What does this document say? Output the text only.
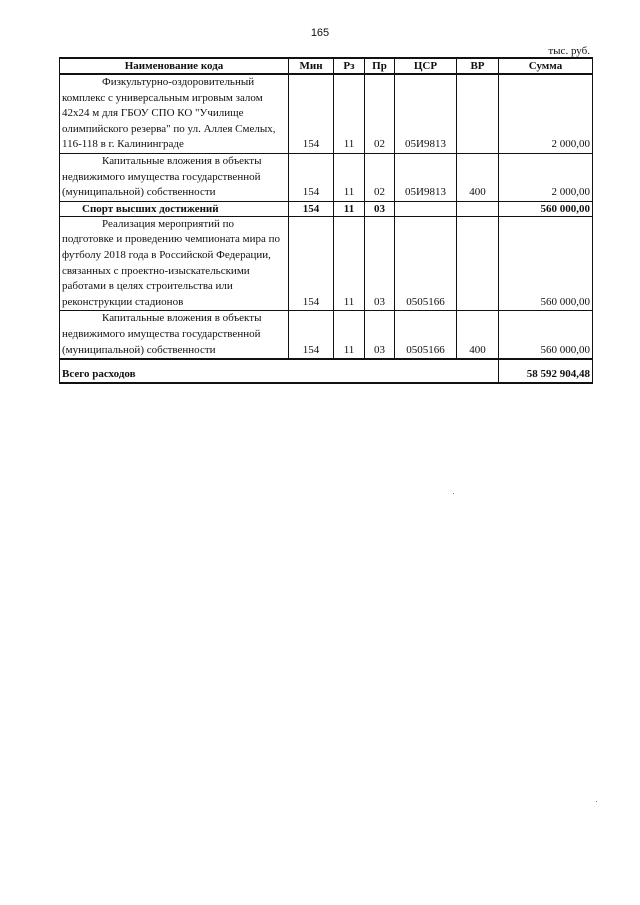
165
тыс. руб.
Наименование кода	Мин	Рз	Пр	ЦСР	ВР	Сумма
Физкультурно-оздоровительный комплекс с универсальным игровым залом 42х24 м для ГБОУ СПО КО "Училище олимпийского резерва" по ул. Аллея Смелых, 116-118 в г. Калининграде	154	11	02	05И9813		2 000,00
Капитальные вложения в объекты недвижимого имущества государственной (муниципальной) собственности	154	11	02	05И9813	400	2 000,00
Спорт высших достижений	154	11	03			560 000,00
Реализация мероприятий по подготовке и проведению чемпионата мира по футболу 2018 года в Российской Федерации, связанных с проектно-изыскательскими работами в целях строительства или реконструкции стадионов	154	11	03	0505166		560 000,00
Капитальные вложения в объекты недвижимого имущества государственной (муниципальной) собственности	154	11	03	0505166	400	560 000,00
Всего расходов						58 592 904,48
